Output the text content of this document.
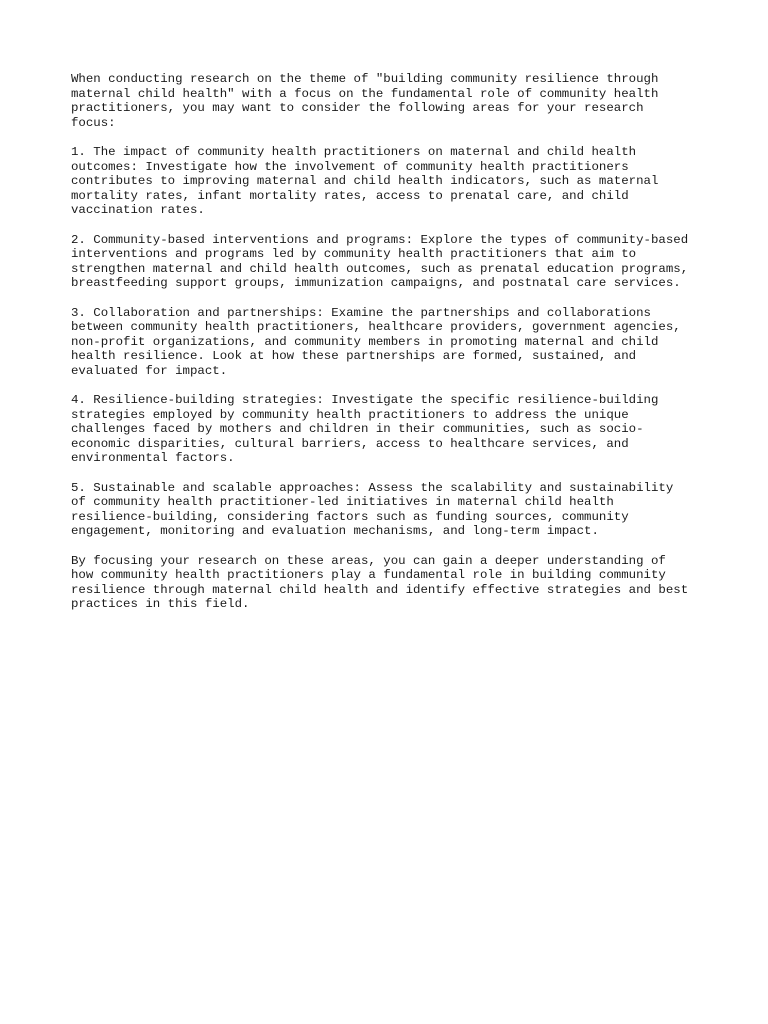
When conducting research on the theme of "building community resilience through
maternal child health" with a focus on the fundamental role of community health
practitioners, you may want to consider the following areas for your research
focus:

1. The impact of community health practitioners on maternal and child health
outcomes: Investigate how the involvement of community health practitioners
contributes to improving maternal and child health indicators, such as maternal
mortality rates, infant mortality rates, access to prenatal care, and child
vaccination rates.

2. Community-based interventions and programs: Explore the types of community-based
interventions and programs led by community health practitioners that aim to
strengthen maternal and child health outcomes, such as prenatal education programs,
breastfeeding support groups, immunization campaigns, and postnatal care services.

3. Collaboration and partnerships: Examine the partnerships and collaborations
between community health practitioners, healthcare providers, government agencies,
non-profit organizations, and community members in promoting maternal and child
health resilience. Look at how these partnerships are formed, sustained, and
evaluated for impact.

4. Resilience-building strategies: Investigate the specific resilience-building
strategies employed by community health practitioners to address the unique
challenges faced by mothers and children in their communities, such as socio-
economic disparities, cultural barriers, access to healthcare services, and
environmental factors.

5. Sustainable and scalable approaches: Assess the scalability and sustainability
of community health practitioner-led initiatives in maternal child health
resilience-building, considering factors such as funding sources, community
engagement, monitoring and evaluation mechanisms, and long-term impact.

By focusing your research on these areas, you can gain a deeper understanding of
how community health practitioners play a fundamental role in building community
resilience through maternal child health and identify effective strategies and best
practices in this field.
